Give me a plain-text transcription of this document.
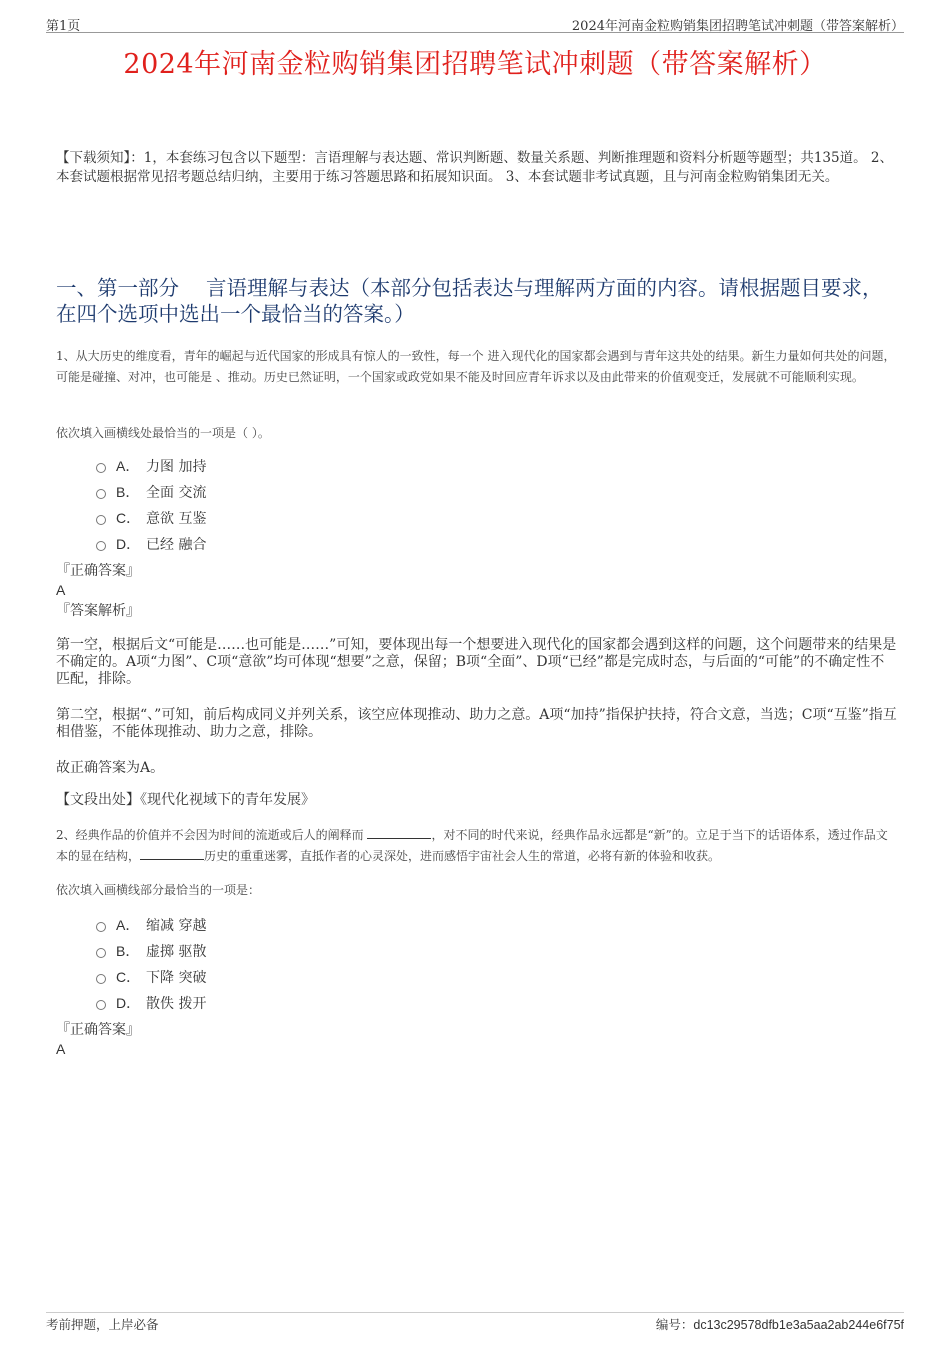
第1页	2024年河南金粒购销集团招聘笔试冲刺题（带答案解析）
2024年河南金粒购销集团招聘笔试冲刺题（带答案解析）
【下载须知】：1，本套练习包含以下题型：言语理解与表达题、常识判断题、数量关系题、判断推理题和资料分析题等题型；共135道。 2、本套试题根据常见招考题总结归纳，主要用于练习答题思路和拓展知识面。 3、本套试题非考试真题，且与河南金粒购销集团无关。
一、第一部分　 言语理解与表达（本部分包括表达与理解两方面的内容。请根据题目要求，在四个选项中选出一个最恰当的答案。）
1、从大历史的维度看，青年的崛起与近代国家的形成具有惊人的一致性，每一个 进入现代化的国家都会遇到与青年这共处的结果。新生力量如何共处的问题，可能是碰撞、对冲，也可能是 、推动。历史已然证明，一个国家或政党如果不能及时回应青年诉求以及由此带来的价值观变迁，发展就不可能顺利实现。
依次填入画横线处最恰当的一项是（ ）。
A． 力图 加持
B． 全面 交流
C． 意欲 互鉴
D． 已经 融合
『正确答案』
A
『答案解析』
第一空，根据后文“可能是……也可能是……”可知，要体现出每一个想要进入现代化的国家都会遇到这样的问题，这个问题带来的结果是不确定的。A项“力图”、C项“意欲”均可体现“想要”之意，保留；B项“全面”、D项“已经”都是完成时态，与后面的“可能”的不确定性不匹配，排除。
第二空，根据“、”可知，前后构成同义并列关系，该空应体现推动、助力之意。A项“加持”指保护扶持，符合文意，当选；C项“互鉴”指互相借鉴，不能体现推动、助力之意，排除。
故正确答案为A。
【文段出处】《现代化视域下的青年发展》
2、经典作品的价值并不会因为时间的流逝或后人的阐释而	，对不同的时代来说，经典作品永远都是“新”的。立足于当下的话语体系，透过作品文本的显在结构，	历史的重重迷雾，直抵作者的心灵深处，进而感悟宇宙社会人生的常道，必将有新的体验和收获。
依次填入画横线部分最恰当的一项是：
A． 缩减 穿越
B． 虚掷 驱散
C． 下降 突破
D． 散佚 拨开
『正确答案』
A
考前押题，上岸必备	编号：dc13c29578dfb1e3a5aa2ab244e6f75f
